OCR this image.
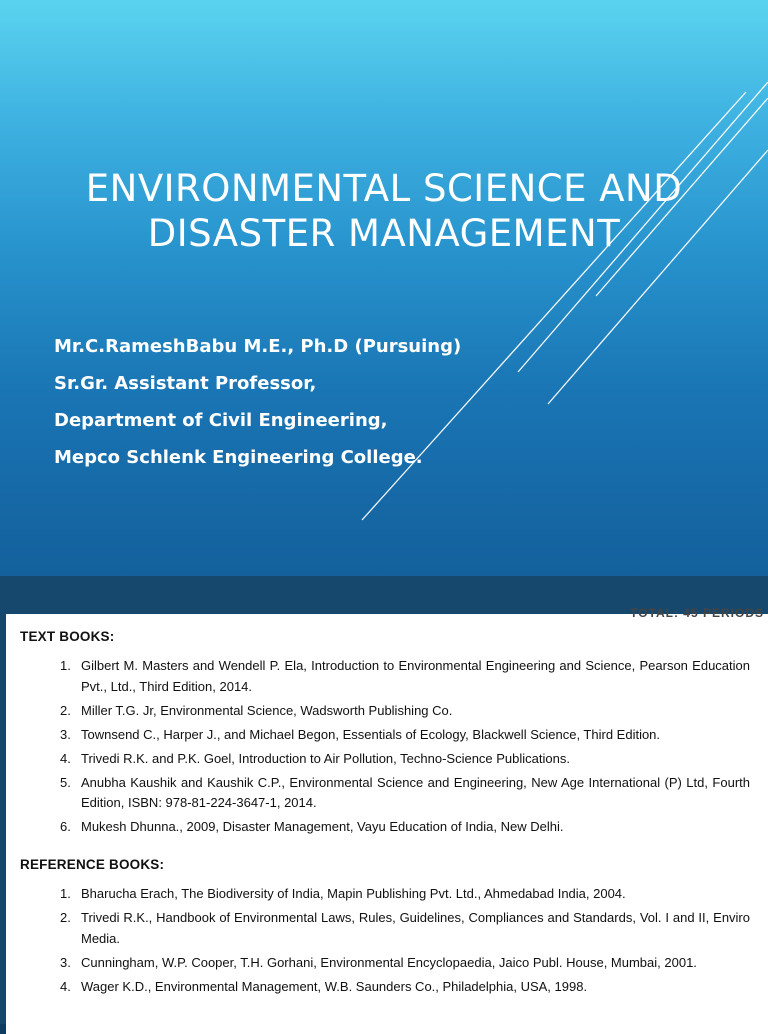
ENVIRONMENTAL SCIENCE AND
DISASTER MANAGEMENT
Mr.C.RameshBabu M.E., Ph.D (Pursuing)
Sr.Gr. Assistant Professor,
Department of Civil Engineering,
Mepco Schlenk Engineering College.
TOTAL: 45 PERIODS
TEXT BOOKS:
1. Gilbert M. Masters and Wendell P. Ela, Introduction to Environmental Engineering and Science, Pearson Education Pvt., Ltd., Third Edition, 2014.
2. Miller T.G. Jr, Environmental Science, Wadsworth Publishing Co.
3. Townsend C., Harper J., and Michael Begon, Essentials of Ecology, Blackwell Science, Third Edition.
4. Trivedi R.K. and P.K. Goel, Introduction to Air Pollution, Techno-Science Publications.
5. Anubha Kaushik and Kaushik C.P., Environmental Science and Engineering, New Age International (P) Ltd, Fourth Edition, ISBN: 978-81-224-3647-1, 2014.
6. Mukesh Dhunna., 2009, Disaster Management, Vayu Education of India, New Delhi.
REFERENCE BOOKS:
1. Bharucha Erach, The Biodiversity of India, Mapin Publishing Pvt. Ltd., Ahmedabad India, 2004.
2. Trivedi R.K., Handbook of Environmental Laws, Rules, Guidelines, Compliances and Standards, Vol. I and II, Enviro Media.
3. Cunningham, W.P. Cooper, T.H. Gorhani, Environmental Encyclopaedia, Jaico Publ. House, Mumbai, 2001.
4. Wager K.D., Environmental Management, W.B. Saunders Co., Philadelphia, USA, 1998.
